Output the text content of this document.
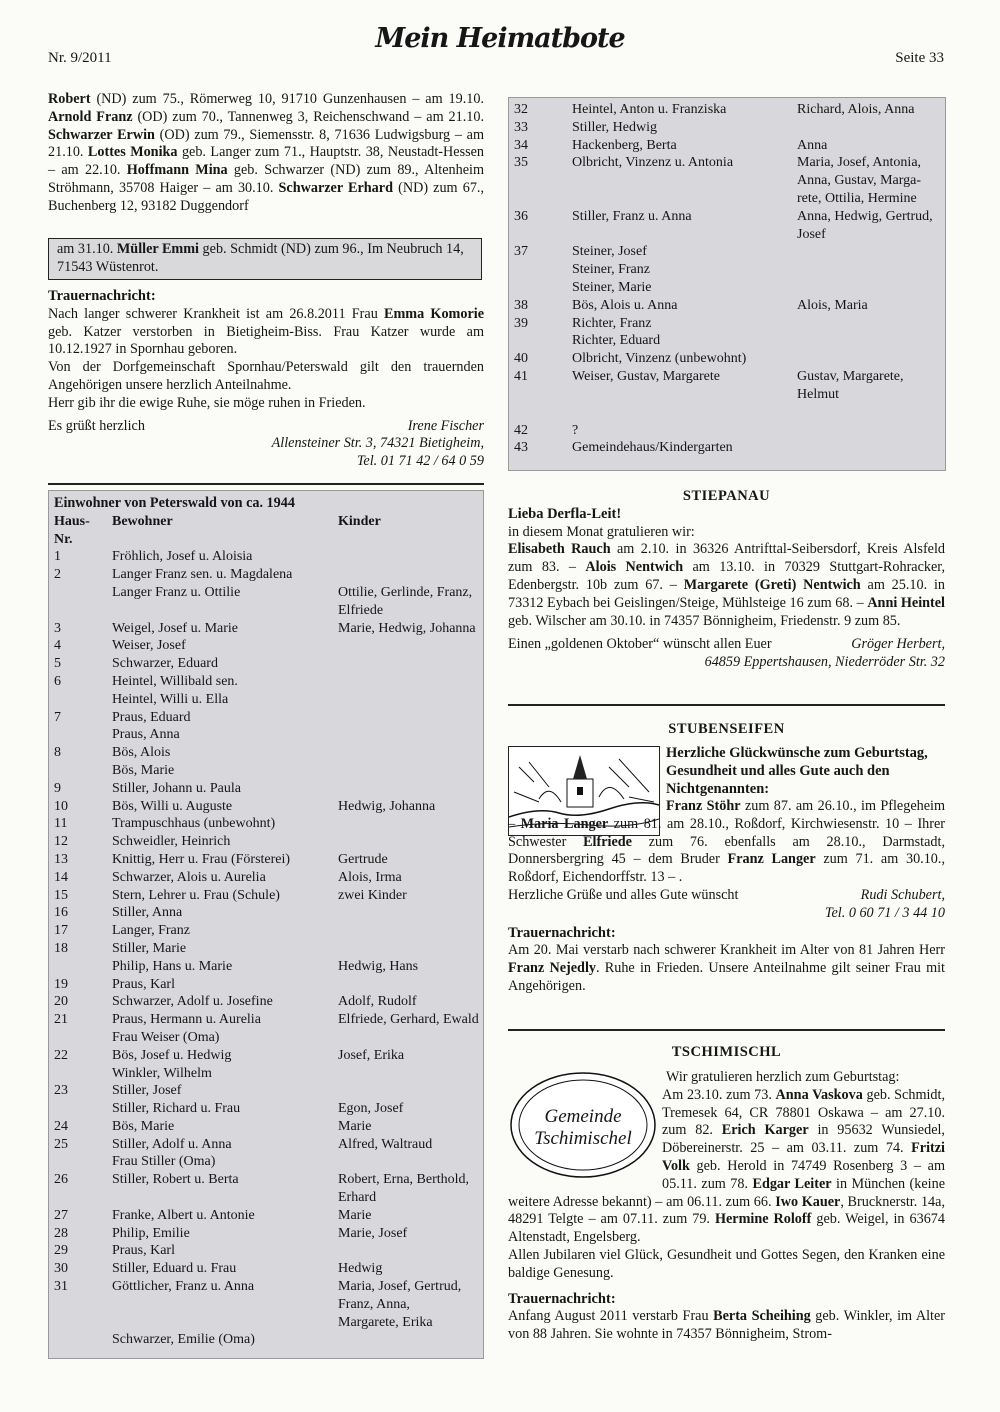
Nr. 9/2011
Mein Heimatbote
Seite 33

Robert (ND) zum 75., Römerweg 10, 91710 Gunzenhausen – am 19.10. Arnold Franz (OD) zum 70., Tannenweg 3, Reichenschwand – am 21.10. Schwarzer Erwin (OD) zum 79., Siemensstr. 8, 71636 Ludwigsburg – am 21.10. Lottes Monika geb. Langer zum 71., Hauptstr. 38, Neustadt-Hessen – am 22.10. Hoffmann Mina geb. Schwarzer (ND) zum 89., Altenheim Ströhmann, 35708 Haiger – am 30.10. Schwarzer Erhard (ND) zum 67., Buchenberg 12, 93182 Duggendorf

am 31.10. Müller Emmi geb. Schmidt (ND) zum 96., Im Neubruch 14, 71543 Wüstenrot.

Trauernachricht:

Nach langer schwerer Krankheit ist am 26.8.2011 Frau Emma Komorie geb. Katzer verstorben in Bietigheim-Biss. Frau Katzer wurde am 10.12.1927 in Spornhau geboren.

Von der Dorfgemeinschaft Spornhau/Peterswald gilt den trauernden Angehörigen unsere herzlich Anteilnahme.

Herr gib ihr die ewige Ruhe, sie möge ruhen in Frieden.

Es grüßt herzlich	Irene Fischer
Allensteiner Str. 3, 74321 Bietigheim,
Tel. 01 71 42 / 64 0 59
Einwohner von Peterswald von ca. 1944
Haus-
Nr.	Bewohner	Kinder
1	Fröhlich, Josef u. Aloisia	
2	Langer Franz sen. u. Magdalena	
	Langer Franz u. Ottilie	Ottilie, Gerlinde, Franz,
Elfriede
3	Weigel, Josef u. Marie	Marie, Hedwig, Johanna
4	Weiser, Josef	
5	Schwarzer, Eduard	
6	Heintel, Willibald sen.	
	Heintel, Willi u. Ella	
7	Praus, Eduard	
	Praus, Anna	
8	Bös, Alois	
	Bös, Marie	
9	Stiller, Johann u. Paula	
10	Bös, Willi u. Auguste	Hedwig, Johanna
11	Trampuschhaus (unbewohnt)	
12	Schweidler, Heinrich	
13	Knittig, Herr u. Frau (Försterei)	Gertrude
14	Schwarzer, Alois u. Aurelia	Alois, Irma
15	Stern, Lehrer u. Frau (Schule)	zwei Kinder
16	Stiller, Anna	
17	Langer, Franz	
18	Stiller, Marie	
	Philip, Hans u. Marie	Hedwig, Hans
19	Praus, Karl	
20	Schwarzer, Adolf u. Josefine	Adolf, Rudolf
21	Praus, Hermann u. Aurelia	Elfriede, Gerhard, Ewald
	Frau Weiser (Oma)	
22	Bös, Josef u. Hedwig	Josef, Erika
	Winkler, Wilhelm	
23	Stiller, Josef	
	Stiller, Richard u. Frau	Egon, Josef
24	Bös, Marie	Marie
25	Stiller, Adolf u. Anna	Alfred, Waltraud
	Frau Stiller (Oma)	
26	Stiller, Robert u. Berta	Robert, Erna, Berthold,
Erhard
27	Franke, Albert u. Antonie	Marie
28	Philip, Emilie	Marie, Josef
29	Praus, Karl	
30	Stiller, Eduard u. Frau	Hedwig
31	Göttlicher, Franz u. Anna	Maria, Josef, Gertrud,
Franz, Anna,
Margarete, Erika
	Schwarzer, Emilie (Oma)	
32	Heintel, Anton u. Franziska	Richard, Alois, Anna
33	Stiller, Hedwig	
34	Hackenberg, Berta	Anna
35	Olbricht, Vinzenz u. Antonia	Maria, Josef, Antonia,
Anna, Gustav, Marga-
rete, Ottilia, Hermine
36	Stiller, Franz u. Anna	Anna, Hedwig, Gertrud,
Josef
37	Steiner, Josef
Steiner, Franz
Steiner, Marie	
38	Bös, Alois u. Anna	Alois, Maria
39	Richter, Franz
Richter, Eduard	
40	Olbricht, Vinzenz (unbewohnt)	
41	Weiser, Gustav, Margarete	Gustav, Margarete,
Helmut
42	?	
43	Gemeindehaus/Kindergarten	
STIEPANAU
Lieba Derfla-Leit!
in diesem Monat gratulieren wir:

Elisabeth Rauch am 2.10. in 36326 Antrifttal-Seibersdorf, Kreis Alsfeld zum 83. – Alois Nentwich am 13.10. in 70329 Stuttgart-Rohracker, Edenbergstr. 10b zum 67. – Margarete (Greti) Nentwich am 25.10. in 73312 Eybach bei Geislingen/Steige, Mühlsteige 16 zum 68. – Anni Heintel geb. Wilscher am 30.10. in 74357 Bönnigheim, Friedenstr. 9 zum 85.

Einen „goldenen Oktober“ wünscht allen Euer	Gröger Herbert,
64859 Eppertshausen, Niederröder Str. 32
STUBENSEIFEN

Herzliche Glückwünsche zum Geburtstag, Gesundheit und alles Gute auch den Nichtgenannten:

Franz Stöhr zum 87. am 26.10., im Pflegeheim – Maria Langer zum 81. am 28.10., Roßdorf, Kirchwiesenstr. 10 – Ihrer Schwester Elfriede zum 76. ebenfalls am 28.10., Darmstadt, Donnersbergring 45 – dem Bruder Franz Langer zum 71. am 30.10., Roßdorf, Eichendorffstr. 13 – .

Herzliche Grüße und alles Gute wünscht	Rudi Schubert,
Tel. 0 60 71 / 3 44 10
Trauernachricht:

Am 20. Mai verstarb nach schwerer Krankheit im Alter von 81 Jahren Herr Franz Nejedly. Ruhe in Frieden. Unsere Anteilnahme gilt seiner Frau mit Angehörigen.

TSCHIMISCHL
Gemeinde
Tschimischel
Wir gratulieren herzlich zum Geburtstag:

Am 23.10. zum 73. Anna Vaskova geb. Schmidt, Tremesek 64, CR 78801 Oskawa – am 27.10. zum 82. Erich Karger in 95632 Wunsiedel, Döbereinerstr. 25 – am 03.11. zum 74. Fritzi Volk geb. Herold in 74749 Rosenberg 3 – am 05.11. zum 78. Edgar Leiter in München (keine weitere Adresse bekannt) – am 06.11. zum 66. Iwo Kauer, Brucknerstr. 14a, 48291 Telgte – am 07.11. zum 79. Hermine Roloff geb. Weigel, in 63674 Altenstadt, Engelsberg.

Allen Jubilaren viel Glück, Gesundheit und Gottes Segen, den Kranken eine baldige Genesung.

Trauernachricht:

Anfang August 2011 verstarb Frau Berta Scheihing geb. Winkler, im Alter von 88 Jahren. Sie wohnte in 74357 Bönnigheim, Strom-
